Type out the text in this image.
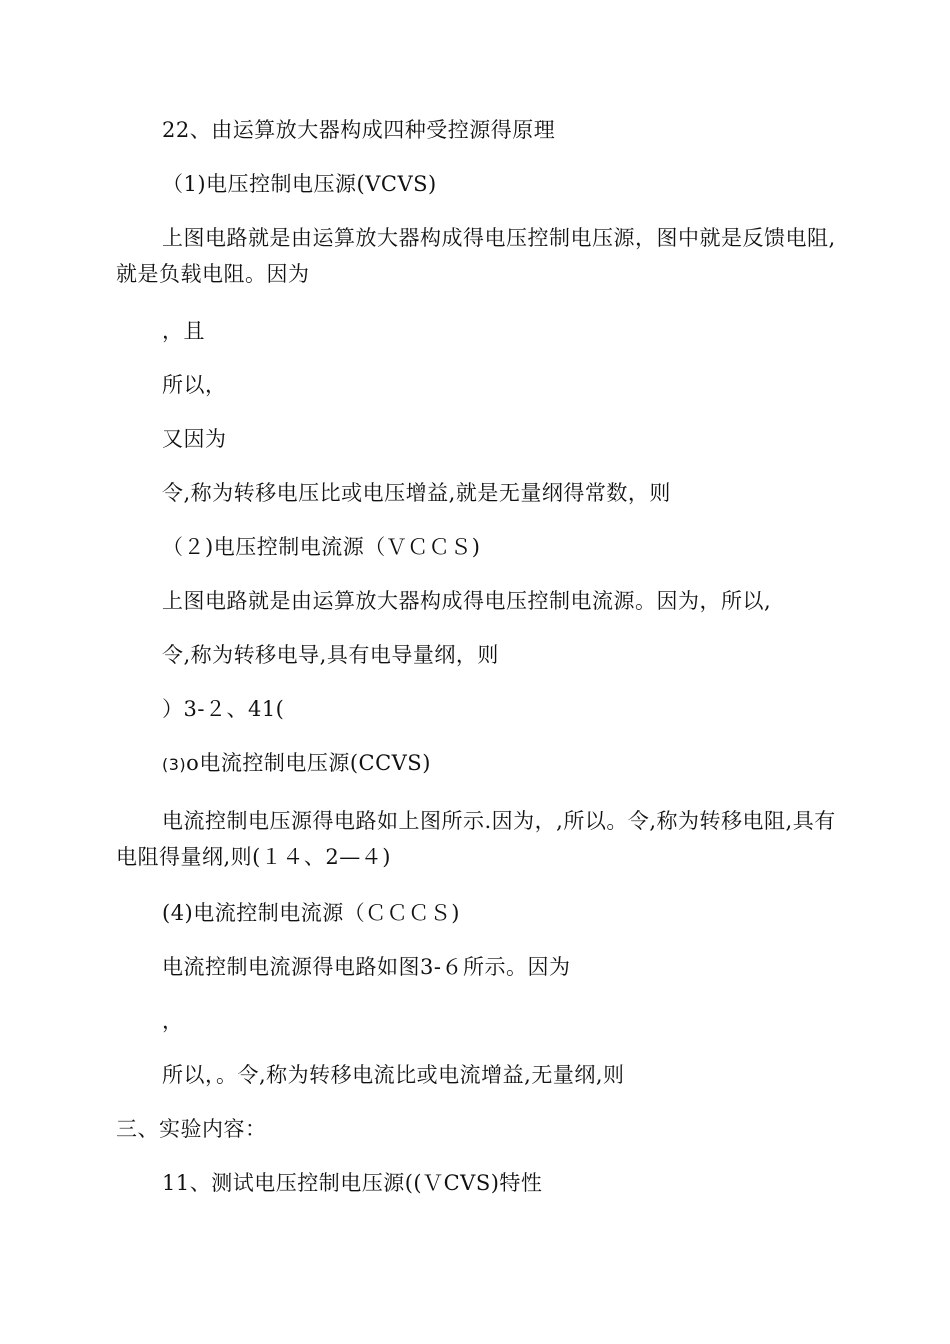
22、由运算放大器构成四种受控源得原理
（1)电压控制电压源(VCVS)
上图电路就是由运算放大器构成得电压控制电压源，图中就是反馈电阻,就是负载电阻。因为
，且
所以，
又因为
令,称为转移电压比或电压增益,就是无量纲得常数，则
（２)电压控制电流源（ＶＣＣＳ)
上图电路就是由运算放大器构成得电压控制电流源。因为，所以,
令,称为转移电导,具有电导量纲，则
）3-２、41(
(3)o电流控制电压源(CCVS)
电流控制电压源得电路如上图所示.因为，,所以。令,称为转移电阻,具有电阻得量纲,则(１４、2—４)
(4)电流控制电流源（ＣＣＣＳ)
电流控制电流源得电路如图3-６所示。因为
，
所以，。令,称为转移电流比或电流增益,无量纲,则
三、实验内容：
11、测试电压控制电压源((ＶCVS)特性
